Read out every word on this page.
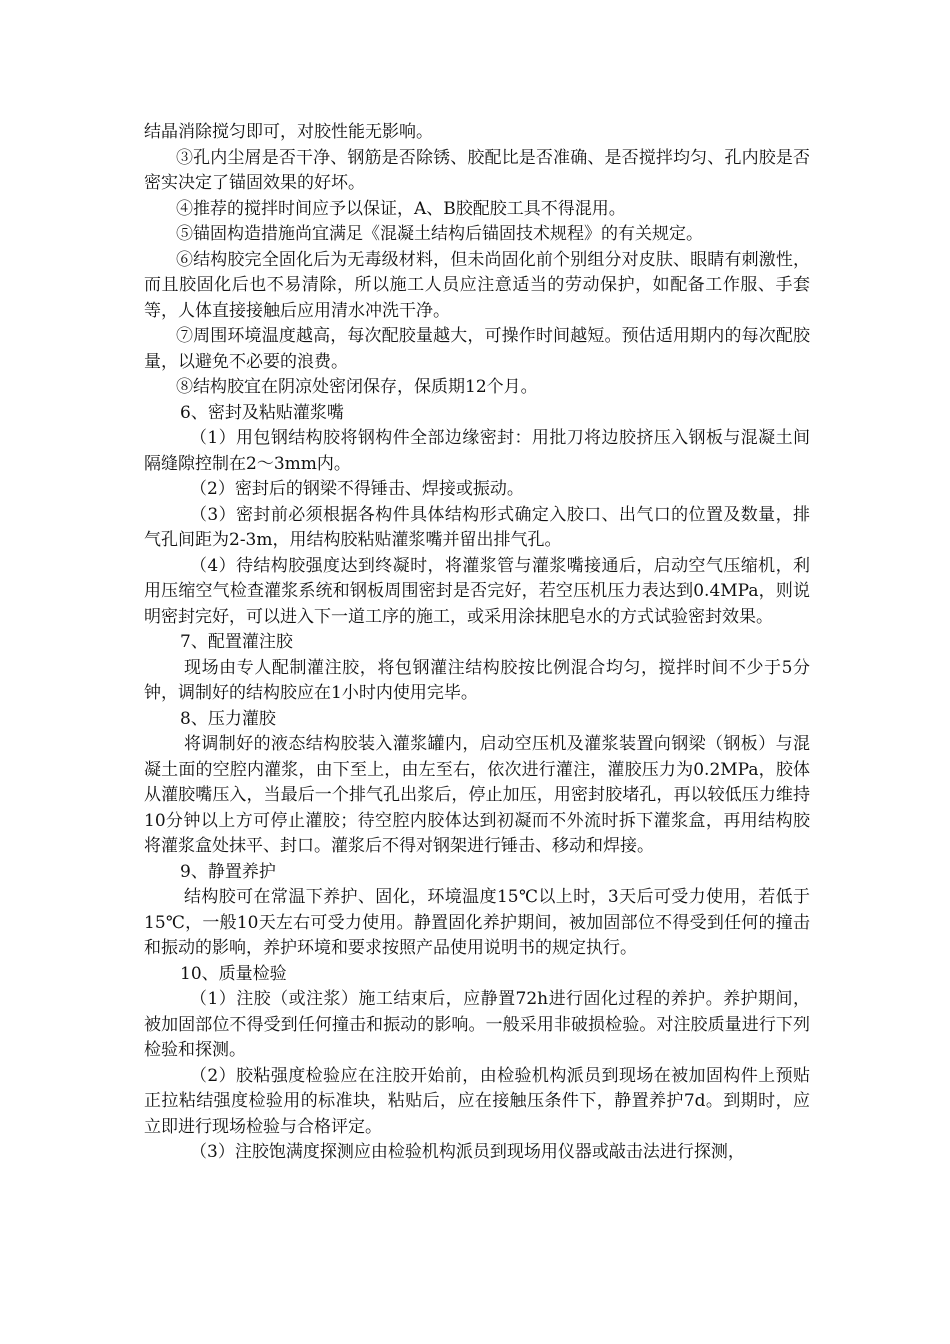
结晶消除搅匀即可，对胶性能无影响。

③孔内尘屑是否干净、钢筋是否除锈、胶配比是否准确、是否搅拌均匀、孔内胶是否密实决定了锚固效果的好坏。

④推荐的搅拌时间应予以保证，A、B胶配胶工具不得混用。

⑤锚固构造措施尚宜满足《混凝土结构后锚固技术规程》的有关规定。

⑥结构胶完全固化后为无毒级材料，但未尚固化前个别组分对皮肤、眼睛有刺激性，而且胶固化后也不易清除，所以施工人员应注意适当的劳动保护，如配备工作服、手套等，人体直接接触后应用清水冲洗干净。

⑦周围环境温度越高，每次配胶量越大，可操作时间越短。预估适用期内的每次配胶量，以避免不必要的浪费。

⑧结构胶宜在阴凉处密闭保存，保质期12个月。

6、密封及粘贴灌浆嘴

（1）用包钢结构胶将钢构件全部边缘密封：用批刀将边胶挤压入钢板与混凝土间隔缝隙控制在2～3mm内。

（2）密封后的钢梁不得锤击、焊接或振动。

（3）密封前必须根据各构件具体结构形式确定入胶口、出气口的位置及数量，排气孔间距为2-3m，用结构胶粘贴灌浆嘴并留出排气孔。

（4）待结构胶强度达到终凝时，将灌浆管与灌浆嘴接通后，启动空气压缩机，利用压缩空气检查灌浆系统和钢板周围密封是否完好，若空压机压力表达到0.4MPa，则说明密封完好，可以进入下一道工序的施工，或采用涂抹肥皂水的方式试验密封效果。

7、配置灌注胶

现场由专人配制灌注胶，将包钢灌注结构胶按比例混合均匀，搅拌时间不少于5分钟，调制好的结构胶应在1小时内使用完毕。

8、压力灌胶

将调制好的液态结构胶装入灌浆罐内，启动空压机及灌浆装置向钢梁（钢板）与混凝土面的空腔内灌浆，由下至上，由左至右，依次进行灌注，灌胶压力为0.2MPa，胶体从灌胶嘴压入，当最后一个排气孔出浆后，停止加压，用密封胶堵孔，再以较低压力维持10分钟以上方可停止灌胶；待空腔内胶体达到初凝而不外流时拆下灌浆盒，再用结构胶将灌浆盒处抹平、封口。灌浆后不得对钢架进行锤击、移动和焊接。

9、静置养护

结构胶可在常温下养护、固化，环境温度15℃以上时，3天后可受力使用，若低于15℃，一般10天左右可受力使用。静置固化养护期间，被加固部位不得受到任何的撞击和振动的影响，养护环境和要求按照产品使用说明书的规定执行。

10、质量检验

（1）注胶（或注浆）施工结束后，应静置72h进行固化过程的养护。养护期间，被加固部位不得受到任何撞击和振动的影响。一般采用非破损检验。对注胶质量进行下列检验和探测。

（2）胶粘强度检验应在注胶开始前，由检验机构派员到现场在被加固构件上预贴正拉粘结强度检验用的标准块，粘贴后，应在接触压条件下，静置养护7d。到期时，应立即进行现场检验与合格评定。

（3）注胶饱满度探测应由检验机构派员到现场用仪器或敲击法进行探测，
